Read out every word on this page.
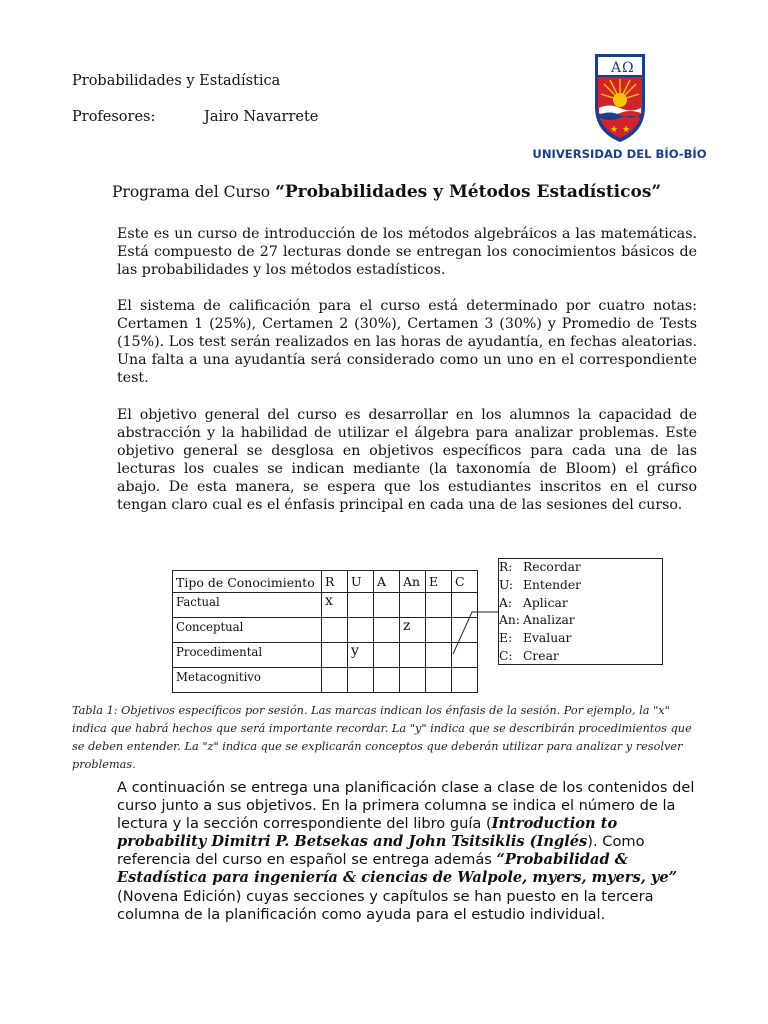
Probabilidades y Estadística
Profesores:	Jairo Navarrete
A Ω
★ ★
UNIVERSIDAD DEL BÍO-BÍO
Programa del Curso “Probabilidades y Métodos Estadísticos”
Este es un curso de introducción de los métodos algebráicos a las matemáticas. Está compuesto de 27 lecturas donde se entregan los conocimientos básicos de las probabilidades y los métodos estadísticos.
El sistema de calificación para el curso está determinado por cuatro notas: Certamen 1 (25%), Certamen 2 (30%), Certamen 3 (30%) y Promedio de Tests (15%). Los test serán realizados en las horas de ayudantía, en fechas aleatorias. Una falta a una ayudantía será considerado como un uno en el correspondiente test.
El objetivo general del curso es desarrollar en los alumnos la capacidad de abstracción y la habilidad de utilizar el álgebra para analizar problemas. Este objetivo general se desglosa en objetivos específicos para cada una de las lecturas los cuales se indican mediante (la taxonomía de Bloom) el gráfico abajo. De esta manera, se espera que los estudiantes inscritos en el curso tengan claro cual es el énfasis principal en cada una de las sesiones del curso.
Tipo de Conocimiento	R	U	A	An	E	C
Factual	x					
Conceptual				z		
Procedimental		y				
Metacognitivo						
R: Recordar
U: Entender
A: Aplicar
An: Analizar
E: Evaluar
C: Crear
Tabla 1: Objetivos específicos por sesión. Las marcas indican los énfasis de la sesión. Por ejemplo, la "x" indica que habrá hechos que será importante recordar. La "y" indica que se describirán procedimientos que se deben entender. La "z" indica que se explicarán conceptos que deberán utilizar para analizar y resolver problemas.
A continuación se entrega una planificación clase a clase de los contenidos del curso junto a sus objetivos. En la primera columna se indica el número de la lectura y la sección correspondiente del libro guía (Introduction to probability Dimitri P. Betsekas and John Tsitsiklis (Inglés). Como referencia del curso en español se entrega además “Probabilidad & Estadística para ingeniería & ciencias de Walpole, myers, myers, ye” (Novena Edición) cuyas secciones y capítulos se han puesto en la tercera columna de la planificación como ayuda para el estudio individual.
